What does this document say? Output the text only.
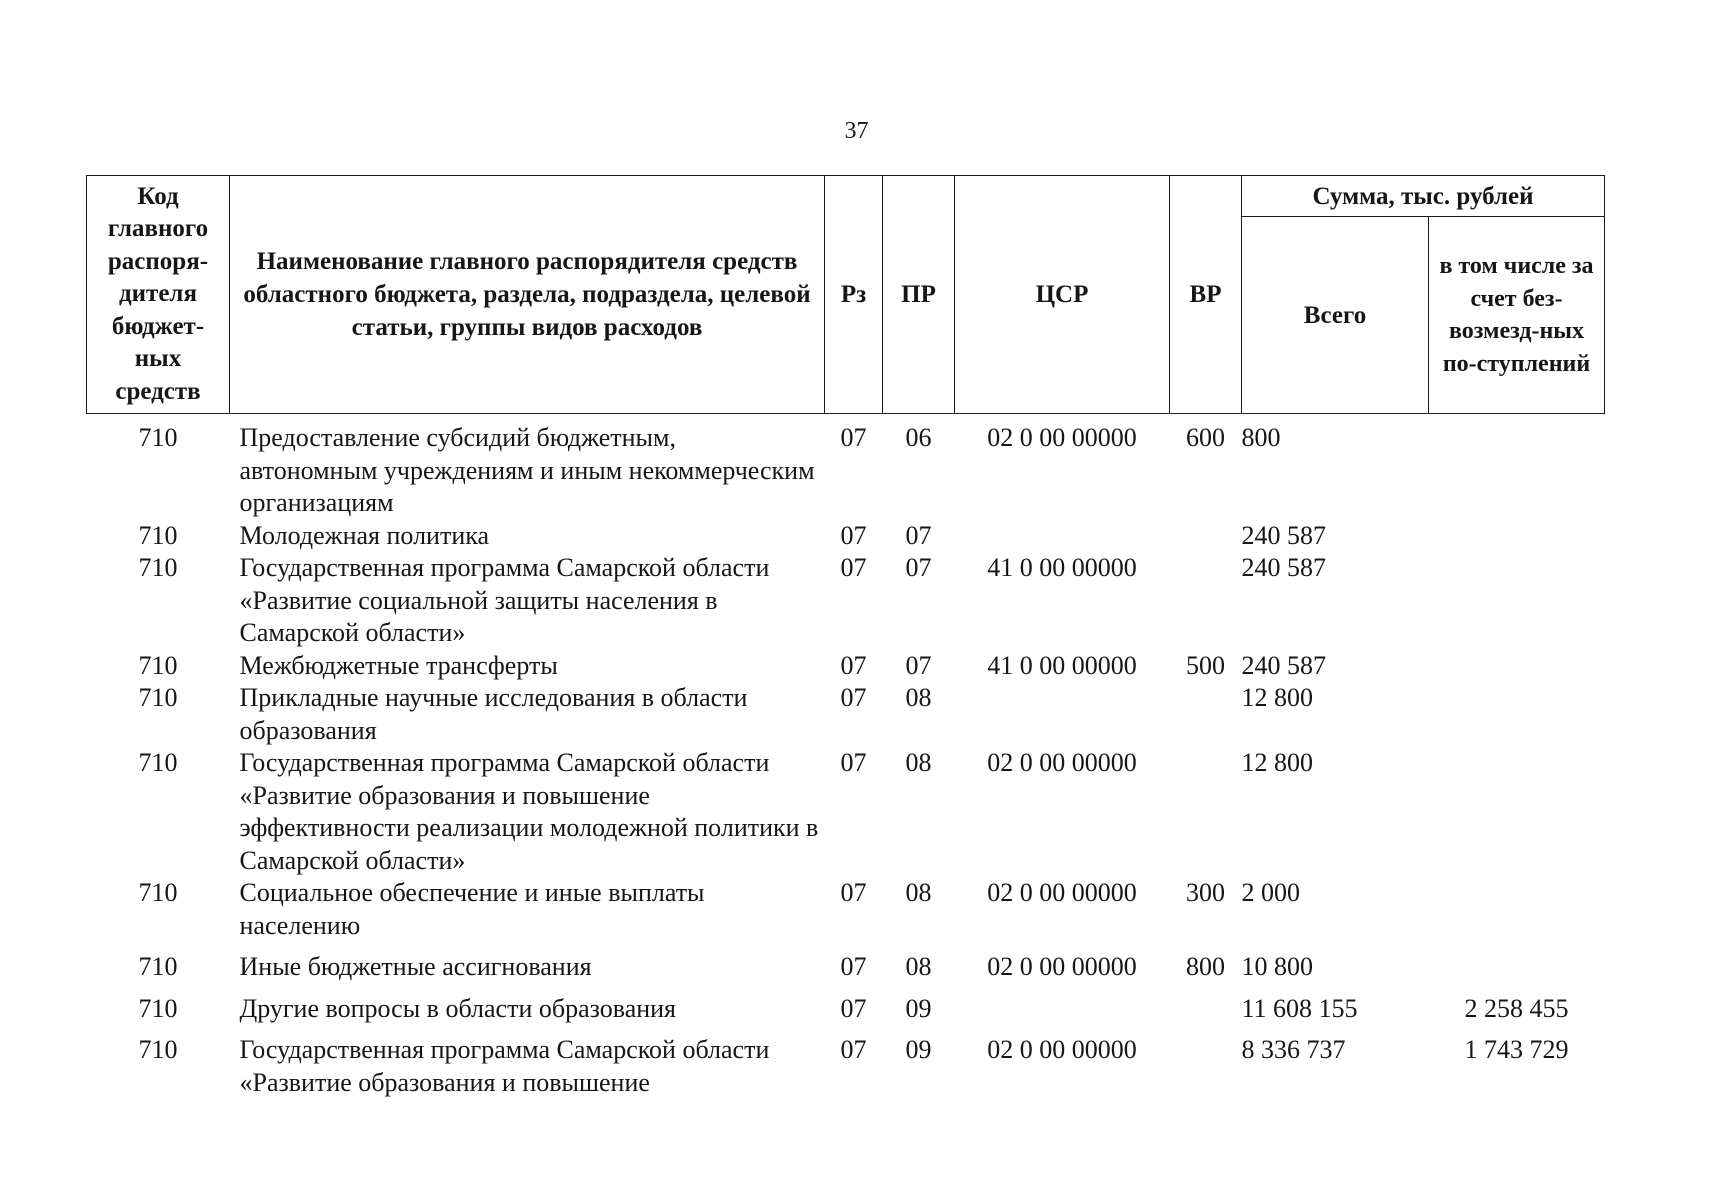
37
Код главного распоря-дителя бюджет-ных средств	Наименование главного распорядителя средств областного бюджета, раздела, подраздела, целевой статьи, группы видов расходов	Рз	ПР	ЦСР	ВР	Сумма, тыс. рублей	
						Всего	в том числе за счет без-возмезд-ных по-ступлений
710	Предоставление субсидий бюджетным, автономным учреждениям и иным некоммерческим организациям	07	06	02 0 00 00000	600	800	
710	Молодежная политика	07	07			240 587	
710	Государственная программа Самарской области «Развитие социальной защиты населения в Самарской области»	07	07	41 0 00 00000		240 587	
710	Межбюджетные трансферты	07	07	41 0 00 00000	500	240 587	
710	Прикладные научные исследования в области образования	07	08			12 800	
710	Государственная программа Самарской области «Развитие образования и повышение эффективности реализации молодежной политики в Самарской области»	07	08	02 0 00 00000		12 800	
710	Социальное обеспечение и иные выплаты населению	07	08	02 0 00 00000	300	2 000	
710	Иные бюджетные ассигнования	07	08	02 0 00 00000	800	10 800	
710	Другие вопросы в области образования	07	09			11 608 155	2 258 455
710	Государственная программа Самарской области «Развитие образования и повышение	07	09	02 0 00 00000		8 336 737	1 743 729
